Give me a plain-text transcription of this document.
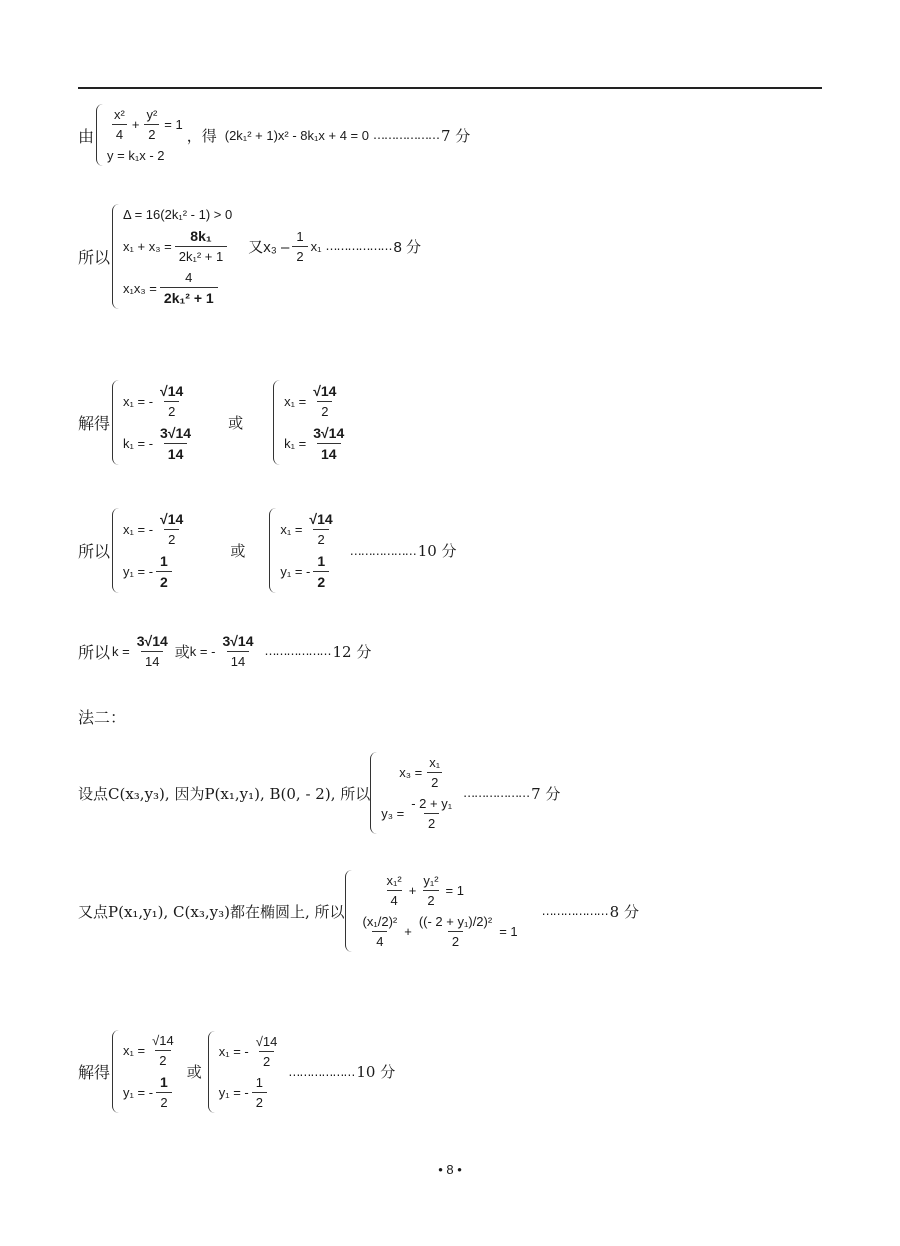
由 $\frac{\text{x²}}{4} + \frac{\text{y²}}{2} = 1$
y = k₁x - 2
，得 (2k₁² + 1)x² - 8k₁x + 4 = 0 ……………… 7 分
所以
Δ = 16(2k₁² - 1) > 0
$x_1 + x_3 = \frac{\text{8k₁}}{\text{2k₁² + 1}}$ 又$x_3 - \frac{1}{2} x_1$ ……………… 8 分
$x_1x_3 = \frac{4}{\text{2k₁² + 1}}$
解得
x₁ = - $\frac{√14}{2}$
k₁ = - $\frac{3√14}{14}$
或
$x_1 = \frac{√14}{2}$
$k_1 = \frac{3√14}{14}$
所以
x₁ = - $\frac{√14}{2}$
y₁ = - $\frac{1}{2}$
或
$x_1 = \frac{√14}{2}$
y₁ = - $\frac{1}{2}$
……………… 10 分
所以 $k = \frac{3√14}{14}$ 或 k = - $\frac{3√14}{14}$ ……………… 12 分
法二：
设点C(x₃,y₃), 因为P(x₁,y₁), B(0, - 2), 所以
$x_3 = \frac{\text{x₁}}{2}$
$y_3 = \frac{\text{- 2 + y₁}}{2}$
……………… 7 分
又点P(x₁,y₁), C(x₃,y₃)都在椭圆上, 所以
$\frac{\text{x₁²}}{4} + \frac{\text{y₁²}}{2} = 1$
$\frac{\text{(x₁/2)²}}{4} + \frac{\text{((- 2 + y₁)/2)²}}{2} = 1$
……………… 8 分
解得
$x_1 = \frac{√14}{2}$
y₁ = - $\frac{1}{2}$
或
x₁ = - $\frac{√14}{2}$
y₁ = - $\frac{1}{2}$
……………… 10 分
• 8 •
